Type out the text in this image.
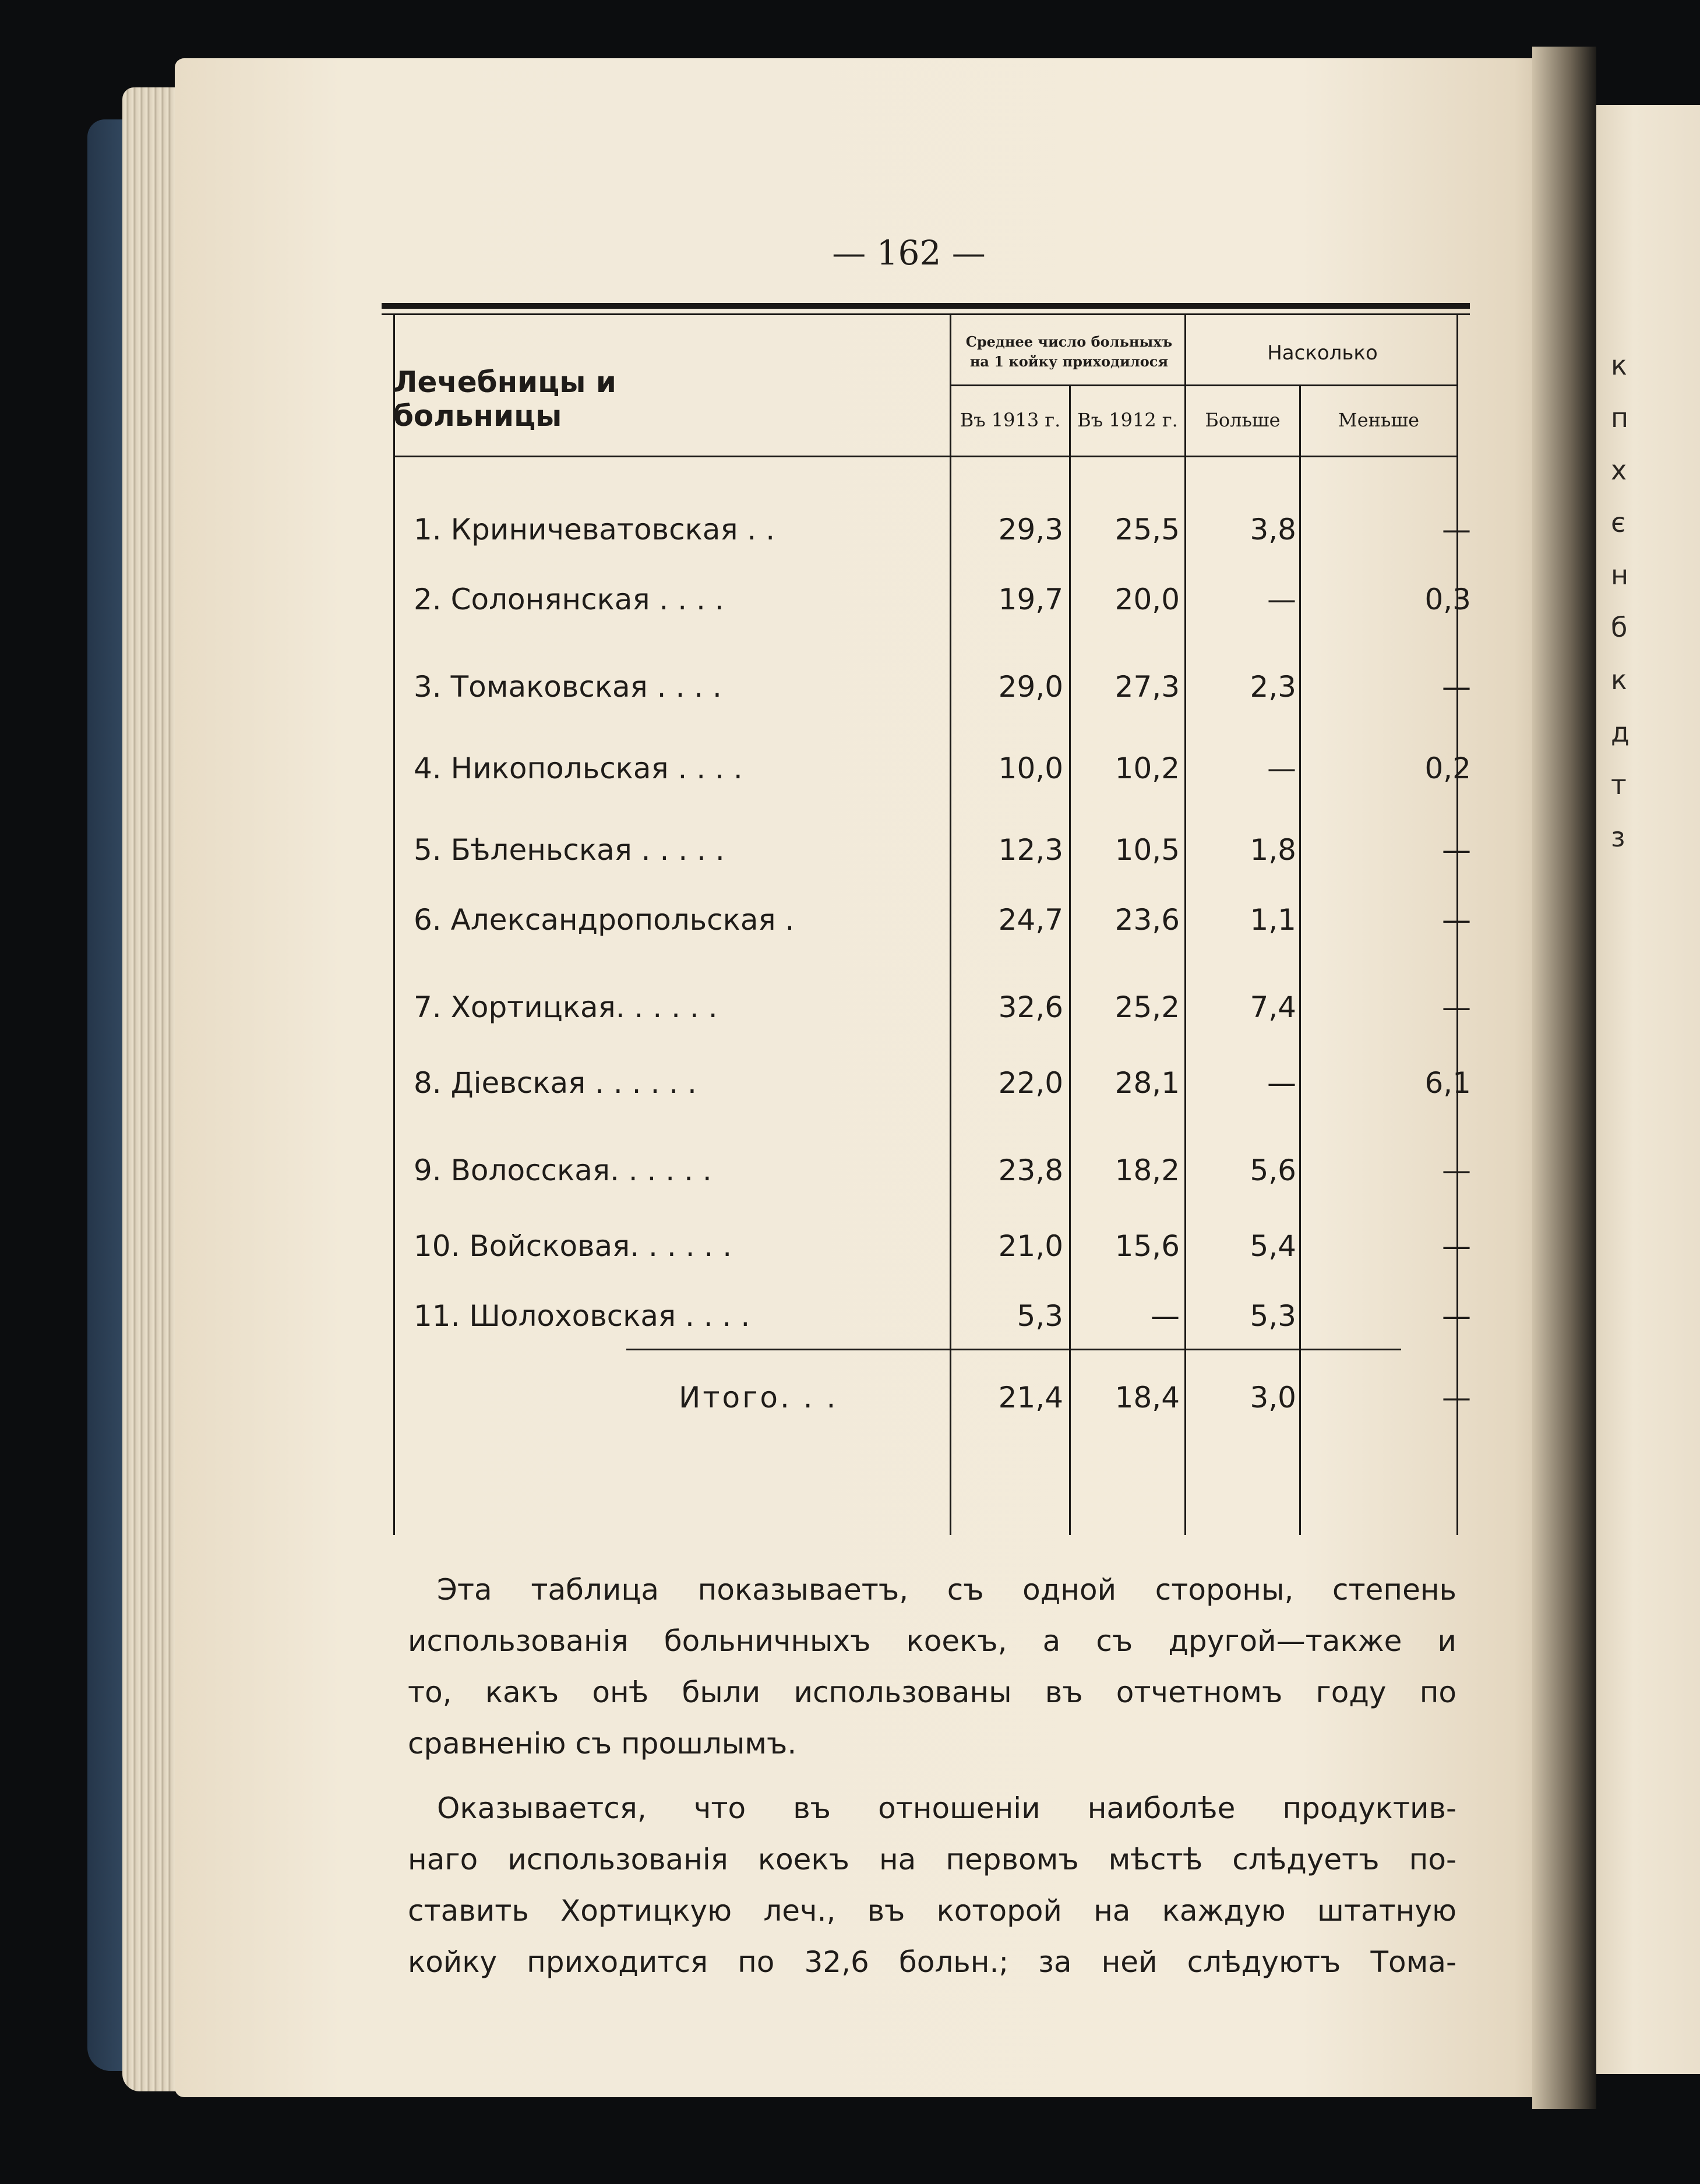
к
п
х
є
н
б
к
д
т
з
— 162 —
Лечебницы и больницы
Среднее число больныхъ на 1 койку приходилося	Насколько
Въ 1913 г. Въ 1912 г.	Больше	Меньше
1. Криничеватовская . .	29,3	25,5	3,8	—
2. Солонянская . . . .	19,7	20,0	—	0,3
3. Томаковская . . . .	29,0	27,3	2,3	—
4. Никопольская . . . .	10,0	10,2	—	0,2
5. Бѣленьская . . . . .	12,3	10,5	1,8	—
6. Александропольская .	24,7	23,6	1,1	—
7. Хортицкая. . . . . .	32,6	25,2	7,4	—
8. Дiевская . . . . . .	22,0	28,1	—	6,1
9. Волосская. . . . . .	23,8	18,2	5,6	—
10. Войсковая. . . . . .	21,0	15,6	5,4	—
11. Шолоховская . . . .	5,3	—	5,3	—
Итого. . .	21,4	18,4	3,0	—
Эта таблица показываетъ, съ одной стороны, степень
использованiя больничныхъ коекъ, а съ другой—также и
то, какъ онѣ были использованы въ отчетномъ году по
сравненiю съ прошлымъ.
Оказывается, что въ отношенiи наиболѣе продуктив-
наго использованiя коекъ на первомъ мѣстѣ слѣдуетъ по-
ставить Хортицкую леч., въ которой на каждую штатную
койку приходится по 32,6 больн.; за ней слѣдуютъ Тома-
